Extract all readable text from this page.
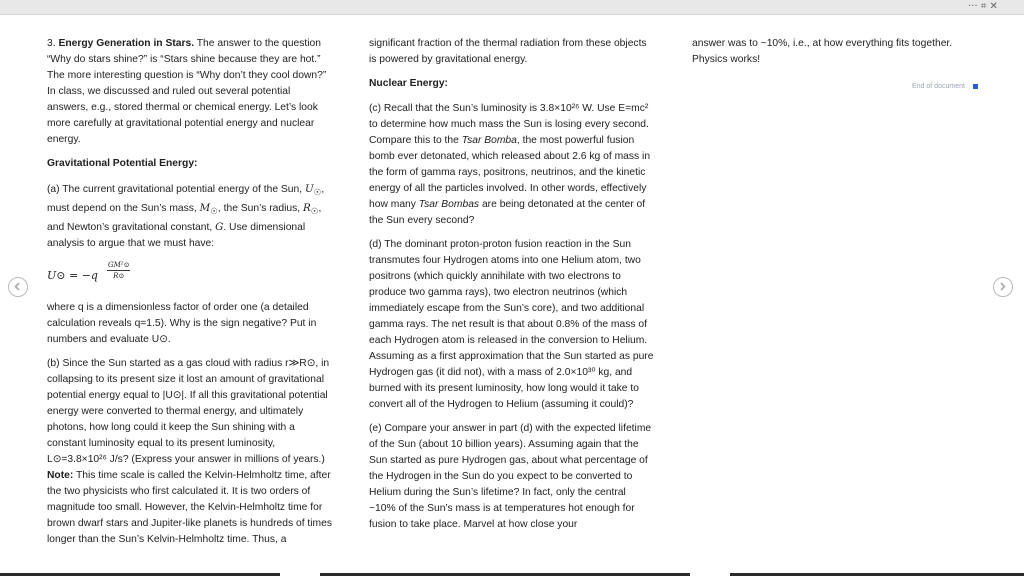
··· ⌗ ✕

3. Energy Generation in Stars. The answer to the question “Why do stars shine?” is “Stars shine because they are hot.” The more interesting question is “Why don’t they cool down?” In class, we discussed and ruled out several potential answers, e.g., stored thermal or chemical energy. Let’s look more carefully at gravitational potential energy and nuclear energy.

Gravitational Potential Energy:

(a) The current gravitational potential energy of the Sun, $U_☉$, must depend on the Sun’s mass, $M_☉$, the Sun’s radius, $R_☉$, and Newton’s gravitational constant, G. Use dimensional analysis to argue that we must have:

U⊙ = $-q \frac{\text{GM²⊙}}{R⊙}$

where q is a dimensionless factor of order one (a detailed calculation reveals q=1.5). Why is the sign negative? Put in numbers and evaluate U⊙.

(b) Since the Sun started as a gas cloud with radius r≫R⊙, in collapsing to its present size it lost an amount of gravitational potential energy equal to |U⊙|. If all this gravitational potential energy were converted to thermal energy, and ultimately photons, how long could it keep the Sun shining with a constant luminosity equal to its present luminosity, L⊙=3.8×10²⁶ J/s? (Express your answer in millions of years.)

Note: This time scale is called the Kelvin-Helmholtz time, after the two physicists who first calculated it. It is two orders of magnitude too small. However, the Kelvin-Helmholtz time for brown dwarf stars and Jupiter-like planets is hundreds of times longer than the Sun’s Kelvin-Helmholtz time. Thus, a

significant fraction of the thermal radiation from these objects is powered by gravitational energy.

Nuclear Energy:

(c) Recall that the Sun’s luminosity is 3.8×10²⁶ W. Use E=mc² to determine how much mass the Sun is losing every second. Compare this to the Tsar Bomba, the most powerful fusion bomb ever detonated, which released about 2.6 kg of mass in the form of gamma rays, positrons, neutrinos, and the kinetic energy of all the particles involved. In other words, effectively how many Tsar Bombas are being detonated at the center of the Sun every second?

(d) The dominant proton-proton fusion reaction in the Sun transmutes four Hydrogen atoms into one Helium atom, two positrons (which quickly annihilate with two electrons to produce two gamma rays), two electron neutrinos (which immediately escape from the Sun’s core), and two additional gamma rays. The net result is that about 0.8% of the mass of each Hydrogen atom is released in the conversion to Helium. Assuming as a first approximation that the Sun started as pure Hydrogen gas (it did not), with a mass of 2.0×10³⁰ kg, and burned with its present luminosity, how long would it take to convert all of the Hydrogen to Helium (assuming it could)?

(e) Compare your answer in part (d) with the expected lifetime of the Sun (about 10 billion years). Assuming again that the Sun started as pure Hydrogen gas, about what percentage of the Hydrogen in the Sun do you expect to be converted to Helium during the Sun’s lifetime? In fact, only the central ~10% of the Sun’s mass is at temperatures hot enough for fusion to take place. Marvel at how close your

answer was to ~10%, i.e., at how everything fits together. Physics works!

End of document
